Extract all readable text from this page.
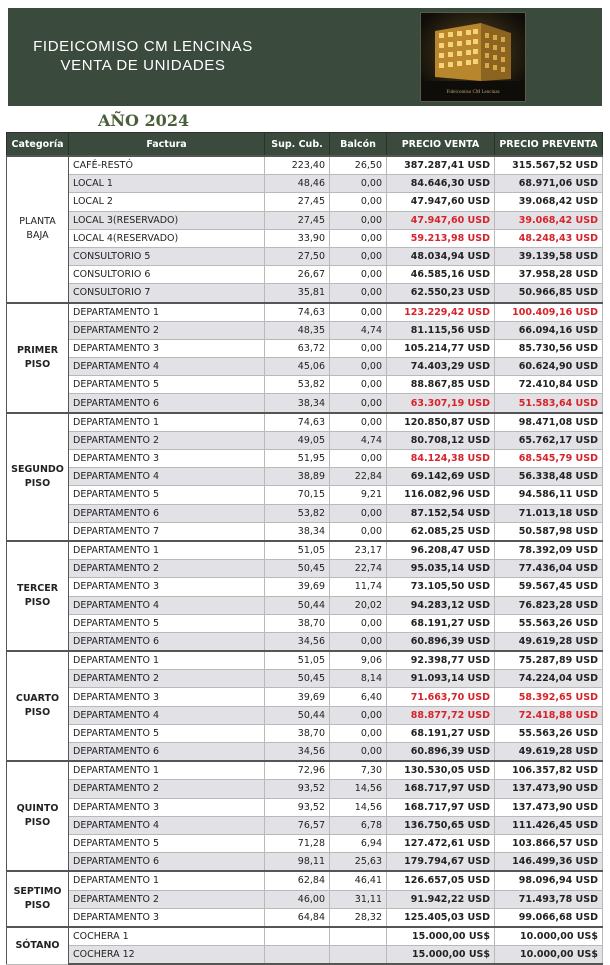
FIDEICOMISO CM LENCINAS
VENTA DE UNIDADES
Fideicomiso CM Lencinas
AÑO 2024
Categoría	Factura	Sup. Cub.	Balcón	PRECIO VENTA	PRECIO PREVENTA
PLANTA BAJA	CAFÉ-RESTÓ	223,40	26,50	387.287,41 USD	315.567,52 USD
	LOCAL 1	48,46	0,00	84.646,30 USD	68.971,06 USD
	LOCAL 2	27,45	0,00	47.947,60 USD	39.068,42 USD
	LOCAL 3(RESERVADO)	27,45	0,00	47.947,60 USD	39.068,42 USD
	LOCAL 4(RESERVADO)	33,90	0,00	59.213,98 USD	48.248,43 USD
	CONSULTORIO 5	27,50	0,00	48.034,94 USD	39.139,58 USD
	CONSULTORIO 6	26,67	0,00	46.585,16 USD	37.958,28 USD
	CONSULTORIO 7	35,81	0,00	62.550,23 USD	50.966,85 USD
PRIMER PISO	DEPARTAMENTO 1	74,63	0,00	123.229,42 USD	100.409,16 USD
	DEPARTAMENTO 2	48,35	4,74	81.115,56 USD	66.094,16 USD
	DEPARTAMENTO 3	63,72	0,00	105.214,77 USD	85.730,56 USD
	DEPARTAMENTO 4	45,06	0,00	74.403,29 USD	60.624,90 USD
	DEPARTAMENTO 5	53,82	0,00	88.867,85 USD	72.410,84 USD
	DEPARTAMENTO 6	38,34	0,00	63.307,19 USD	51.583,64 USD
SEGUNDO PISO	DEPARTAMENTO 1	74,63	0,00	120.850,87 USD	98.471,08 USD
	DEPARTAMENTO 2	49,05	4,74	80.708,12 USD	65.762,17 USD
	DEPARTAMENTO 3	51,95	0,00	84.124,38 USD	68.545,79 USD
	DEPARTAMENTO 4	38,89	22,84	69.142,69 USD	56.338,48 USD
	DEPARTAMENTO 5	70,15	9,21	116.082,96 USD	94.586,11 USD
	DEPARTAMENTO 6	53,82	0,00	87.152,54 USD	71.013,18 USD
	DEPARTAMENTO 7	38,34	0,00	62.085,25 USD	50.587,98 USD
TERCER PISO	DEPARTAMENTO 1	51,05	23,17	96.208,47 USD	78.392,09 USD
	DEPARTAMENTO 2	50,45	22,74	95.035,14 USD	77.436,04 USD
	DEPARTAMENTO 3	39,69	11,74	73.105,50 USD	59.567,45 USD
	DEPARTAMENTO 4	50,44	20,02	94.283,12 USD	76.823,28 USD
	DEPARTAMENTO 5	38,70	0,00	68.191,27 USD	55.563,26 USD
	DEPARTAMENTO 6	34,56	0,00	60.896,39 USD	49.619,28 USD
CUARTO PISO	DEPARTAMENTO 1	51,05	9,06	92.398,77 USD	75.287,89 USD
	DEPARTAMENTO 2	50,45	8,14	91.093,14 USD	74.224,04 USD
	DEPARTAMENTO 3	39,69	6,40	71.663,70 USD	58.392,65 USD
	DEPARTAMENTO 4	50,44	0,00	88.877,72 USD	72.418,88 USD
	DEPARTAMENTO 5	38,70	0,00	68.191,27 USD	55.563,26 USD
	DEPARTAMENTO 6	34,56	0,00	60.896,39 USD	49.619,28 USD
QUINTO PISO	DEPARTAMENTO 1	72,96	7,30	130.530,05 USD	106.357,82 USD
	DEPARTAMENTO 2	93,52	14,56	168.717,97 USD	137.473,90 USD
	DEPARTAMENTO 3	93,52	14,56	168.717,97 USD	137.473,90 USD
	DEPARTAMENTO 4	76,57	6,78	136.750,65 USD	111.426,45 USD
	DEPARTAMENTO 5	71,28	6,94	127.472,61 USD	103.866,57 USD
	DEPARTAMENTO 6	98,11	25,63	179.794,67 USD	146.499,36 USD
SEPTIMO PISO	DEPARTAMENTO 1	62,84	46,41	126.657,05 USD	98.096,94 USD
	DEPARTAMENTO 2	46,00	31,11	91.942,22 USD	71.493,78 USD
	DEPARTAMENTO 3	64,84	28,32	125.405,03 USD	99.066,68 USD
SÓTANO	COCHERA 1			15.000,00 US$	10.000,00 US$
	COCHERA 12			15.000,00 US$	10.000,00 US$
